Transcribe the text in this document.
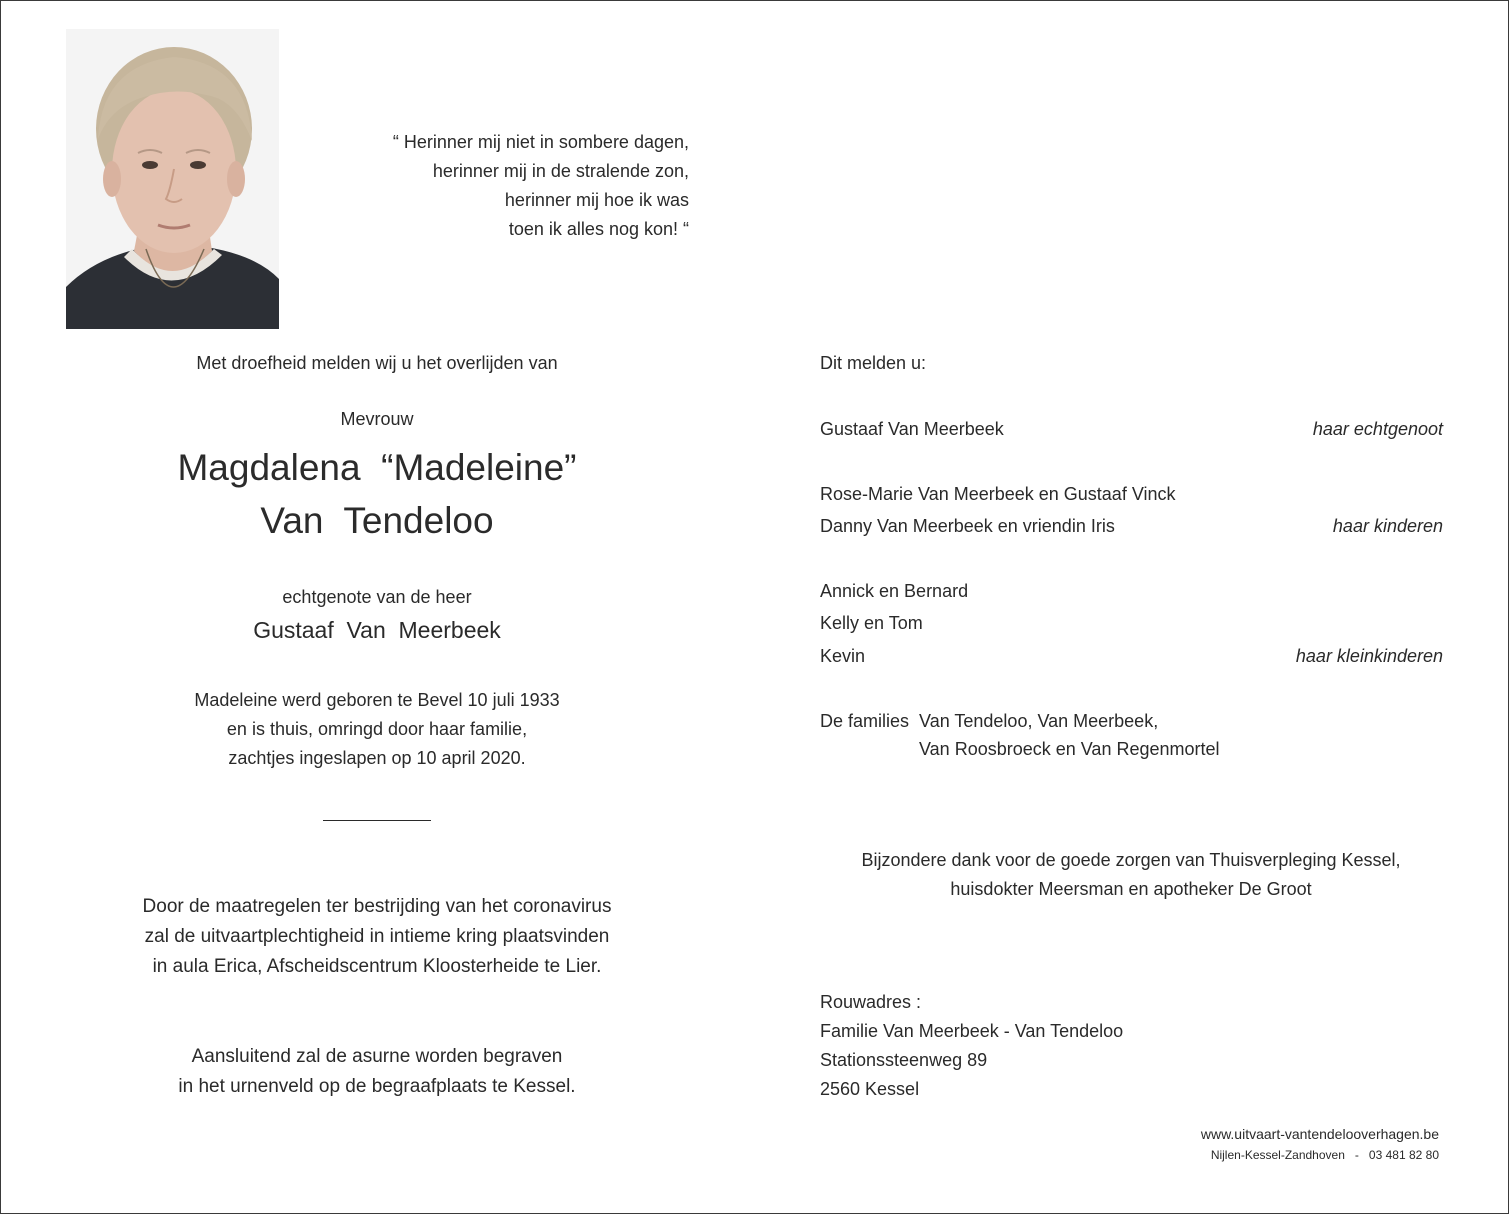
“ Herinner mij niet in sombere dagen,
herinner mij in de stralende zon,
herinner mij hoe ik was
toen ik alles nog kon! “
Met droefheid melden wij u het overlijden van
Mevrouw
Magdalena  “Madeleine”
Van  Tendeloo
echtgenote van de heer
Gustaaf  Van  Meerbeek
Madeleine werd geboren te Bevel 10 juli 1933
en is thuis, omringd door haar familie,
zachtjes ingeslapen op 10 april 2020.
Door de maatregelen ter bestrijding van het coronavirus
zal de uitvaartplechtigheid in intieme kring plaatsvinden
in aula Erica, Afscheidscentrum Kloosterheide te Lier.
Aansluitend zal de asurne worden begraven
in het urnenveld op de begraafplaats te Kessel.
Dit melden u:
Gustaaf Van Meerbeek	haar echtgenoot
Rose-Marie Van Meerbeek en Gustaaf Vinck
Danny Van Meerbeek en vriendin Iris	haar kinderen
Annick en Bernard
Kelly en Tom
Kevin	haar kleinkinderen
De families  Van Tendeloo, Van Meerbeek,
Van Roosbroeck en Van Regenmortel
Bijzondere dank voor de goede zorgen van Thuisverpleging Kessel,
huisdokter Meersman en apotheker De Groot
Rouwadres :
Familie Van Meerbeek - Van Tendeloo
Stationssteenweg 89
2560 Kessel
www.uitvaart-vantendelooverhagen.be
Nijlen-Kessel-Zandhoven - 03 481 82 80
